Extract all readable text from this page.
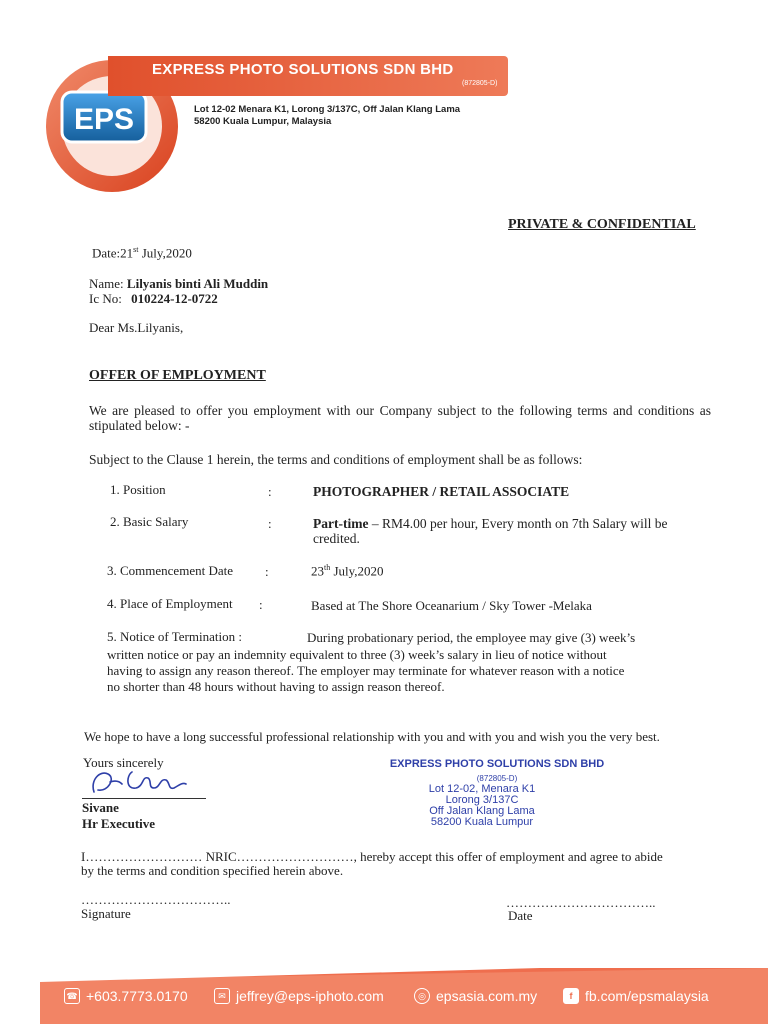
EPS
EXPRESS PHOTO SOLUTIONS SDN BHD
(872805-D)
Lot 12-02 Menara K1, Lorong 3/137C, Off Jalan Klang Lama
58200 Kuala Lumpur, Malaysia
PRIVATE & CONFIDENTIAL
Date:21st July,2020
Name: Lilyanis binti Ali Muddin
Ic No: 010224-12-0722
Dear Ms.Lilyanis,
OFFER OF EMPLOYMENT
We are pleased to offer you employment with our Company subject to the following terms and conditions as stipulated below: -
Subject to the Clause 1 herein, the terms and conditions of employment shall be as follows:
1. Position	:	PHOTOGRAPHER / RETAIL ASSOCIATE
2. Basic Salary	:	Part-time – RM4.00 per hour, Every month on 7th Salary will be credited.
3. Commencement Date :	23th July,2020
4. Place of Employment :	Based at The Shore Oceanarium / Sky Tower -Melaka
5. Notice of Termination :	During probationary period, the employee may give (3) week’s
written notice or pay an indemnity equivalent to three (3) week’s salary in lieu of notice without
having to assign any reason thereof. The employer may terminate for whatever reason with a notice
no shorter than 48 hours without having to assign reason thereof.
We hope to have a long successful professional relationship with you and with you and wish you the very best.
Yours sincerely
Sivane
Hr Executive
EXPRESS PHOTO SOLUTIONS SDN BHD
(872805-D)
Lot 12-02, Menara K1
Lorong 3/137C
Off Jalan Klang Lama
58200 Kuala Lumpur
I……………………… NRIC………………………, hereby accept this offer of employment and agree to abide
by the terms and condition specified herein above.
……………………………..
Signature
……………………………..
Date
☎ +603.7773.0170	✉ jeffrey@eps-iphoto.com	◎ epsasia.com.my	f fb.com/epsmalaysia
